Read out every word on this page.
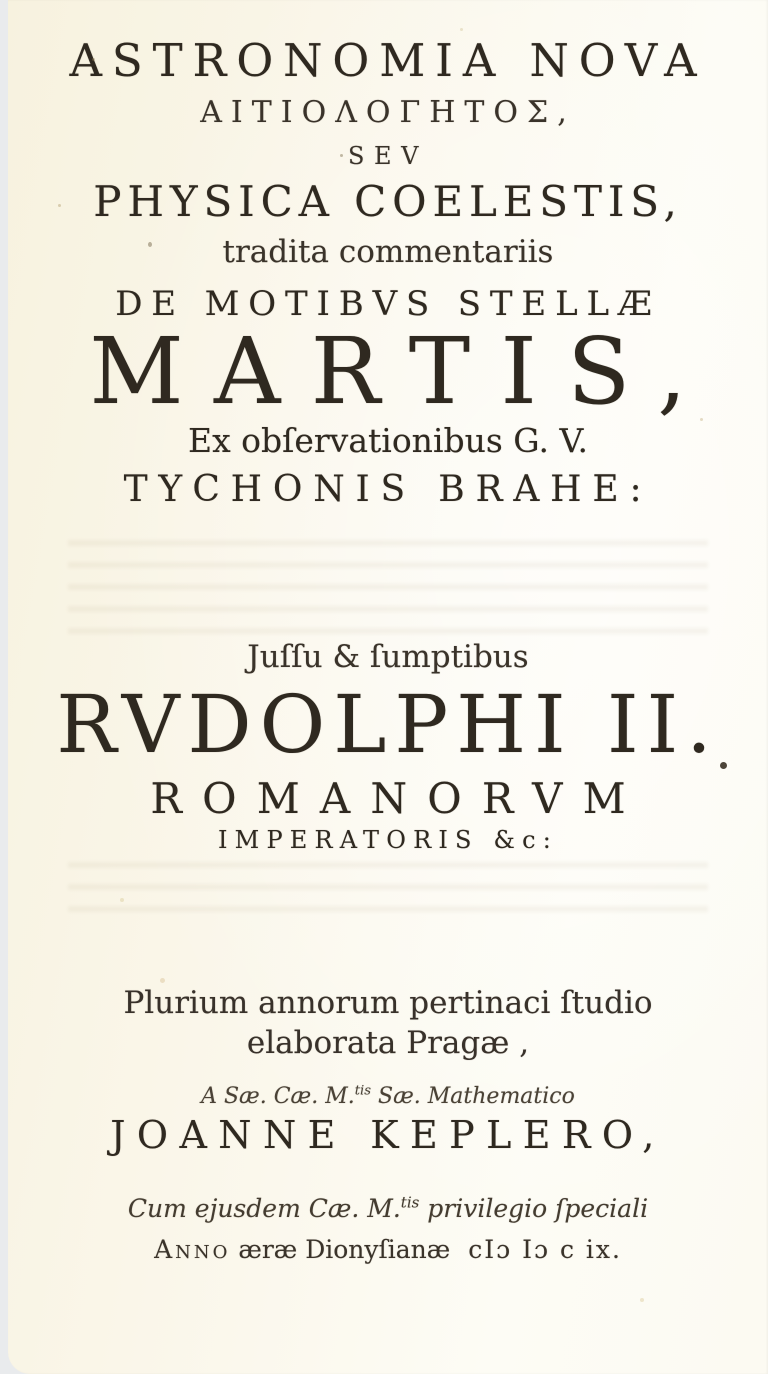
ASTRONOMIA NOVA
ΑΙΤΙΟΛΟΓΗΤΟΣ,
SEV
PHYSICA COELESTIS,
tradita commentariis
DE MOTIBVS STELLÆ
MARTIS,
Ex obſervationibus G. V.
TYCHONIS BRAHE:
Juſſu & ſumptibus
RVDOLPHI II.
ROMANORVM
IMPERATORIS &c:
Plurium annorum pertinaci ſtudio
elaborata Pragæ ,
A Sæ. Cæ. M.$^{tis}$ Sæ. Mathematico
JOANNE KEPLERO,
Cum ejusdem Cæ. M.$^{tis}$ privilegio ſpeciali
Anno æræ Dionyſianæ cIɔ Iɔ c ix.
